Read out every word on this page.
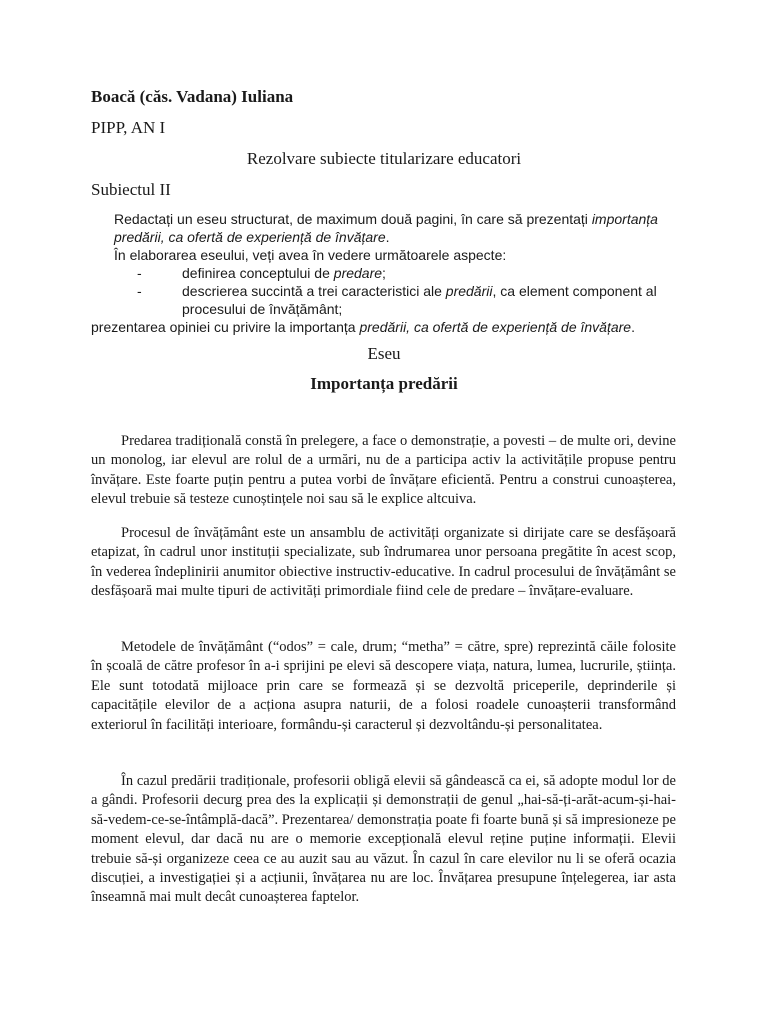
Boacă (căs. Vadana) Iuliana
PIPP, AN I
Rezolvare subiecte titularizare educatori
Subiectul II

Redactați un eseu structurat, de maximum două pagini, în care să prezentați importanța predării, ca ofertă de experiență de învățare.

În elaborarea eseului, veți avea în vedere următoarele aspecte:

-	definirea conceptului de predare;

-	descrierea succintă a trei caracteristici ale predării, ca element component al

procesului de învățământ;

prezentarea opiniei cu privire la importanța predării, ca ofertă de experiență de învățare.

Eseu
Importanța predării

Predarea tradițională constă în prelegere, a face o demonstrație, a povesti – de multe ori, devine un monolog, iar elevul are rolul de a urmări, nu de a participa activ la activitățile propuse pentru învățare. Este foarte puțin pentru a putea vorbi de învățare eficientă. Pentru a construi cunoașterea, elevul trebuie să testeze cunoștințele noi sau să le explice altcuiva.

Procesul de învățământ este un ansamblu de activități organizate si dirijate care se desfășoară etapizat, în cadrul unor instituții specializate, sub îndrumarea unor persoana pregătite în acest scop, în vederea îndeplinirii anumitor obiective instructiv-educative. In cadrul procesului de învățământ se desfășoară mai multe tipuri de activități primordiale fiind cele de predare – învățare-evaluare.

Metodele de învățământ (“odos” = cale, drum; “metha” = către, spre) reprezintă căile folosite în școală de către profesor în a-i sprijini pe elevi să descopere viața, natura, lumea, lucrurile, știința. Ele sunt totodată mijloace prin care se formează și se dezvoltă priceperile, deprinderile și capacitățile elevilor de a acționa asupra naturii, de a folosi roadele cunoașterii transformând exteriorul în facilități interioare, formându-și caracterul și dezvoltându-și personalitatea.

În cazul predării tradiționale, profesorii obligă elevii să gândească ca ei, să adopte modul lor de a gândi. Profesorii decurg prea des la explicații și demonstrații de genul „hai-să-ți-arăt-acum-și-hai-să-vedem-ce-se-întâmplă-dacă”. Prezentarea/ demonstrația poate fi foarte bună și să impresioneze pe moment elevul, dar dacă nu are o memorie excepțională elevul reține puține informații. Elevii trebuie să-și organizeze ceea ce au auzit sau au văzut. În cazul în care elevilor nu li se oferă ocazia discuției, a investigației și a acțiunii, învățarea nu are loc. Învățarea presupune înțelegerea, iar asta înseamnă mai mult decât cunoașterea faptelor.
